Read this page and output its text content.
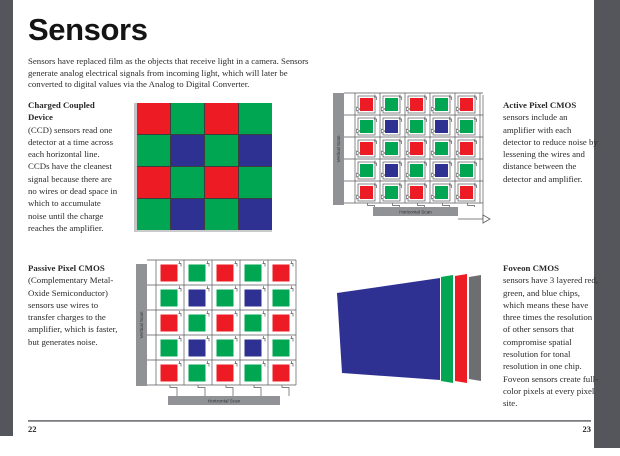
Sensors
Sensors have replaced film as the objects that receive light in a camera. Sensors generate analog electrical signals from incoming light, which will later be converted to digital values via the Analog to Digital Converter.
Charged Coupled Device
(CCD) sensors read one detector at a time across each horizontal line. CCDs have the cleanest signal because there are no wires or dead space in which to accumulate noise until the charge reaches the amplifier.
Vertical Scan
Horizontal Scan
Active Pixel CMOS
sensors include an amplifier with each detector to reduce noise by lessening the wires and distance between the detector and amplifier.
Passive Pixel CMOS
(Complementary Metal-Oxide Semiconductor) sensors use wires to transfer charges to the amplifier, which is faster, but generates noise.
Vertical Scan
Horizontal Scan
Foveon CMOS
sensors have 3 layered red, green, and blue chips, which means these have three times the resolution of other sensors that compromise spatial resolution for tonal resolution in one chip. Foveon sensors create full-color pixels at every pixel site.
22	23
